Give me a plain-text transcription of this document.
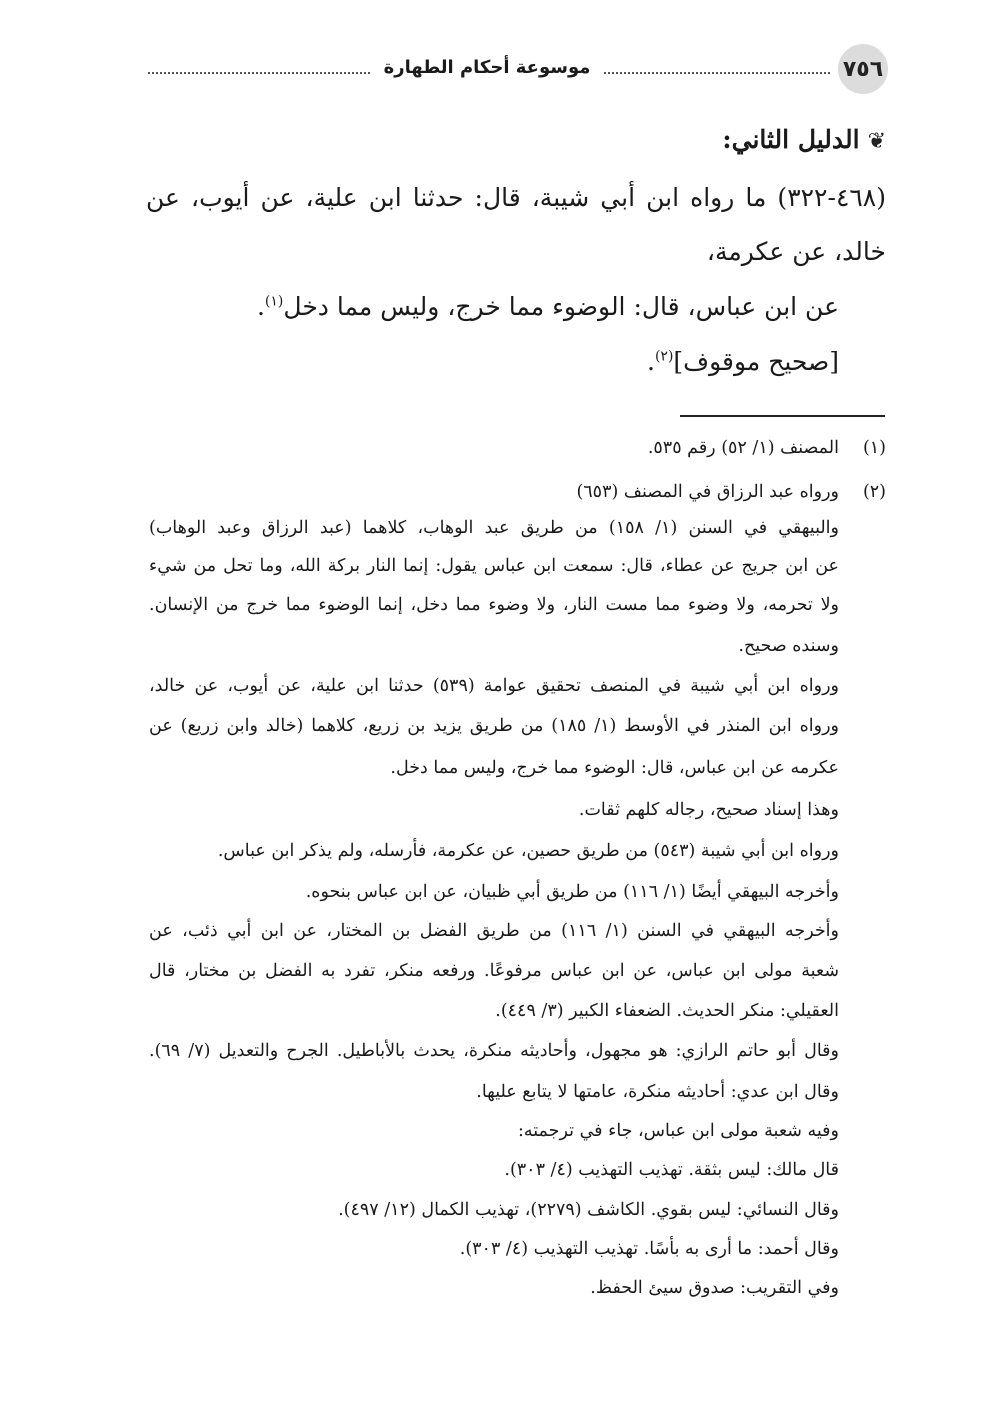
موسوعة أحكام الطهارة	٧٥٦
❦ الدليل الثاني:
(٤٦٨-٣٢٢) ما رواه ابن أبي شيبة، قال: حدثنا ابن علية، عن أيوب، عن
خالد، عن عكرمة،
عن ابن عباس، قال: الوضوء مما خرج، وليس مما دخل$^{(١)}$.
[صحيح موقوف]$^{(٢)}$.
(١)
المصنف (١/ ٥٢) رقم ٥٣٥.
(٢)
ورواه عبد الرزاق في المصنف (٦٥٣)
والبيهقي في السنن (١/ ١٥٨) من طريق عبد الوهاب، كلاهما (عبد الرزاق وعبد الوهاب)
عن ابن جريج عن عطاء، قال: سمعت ابن عباس يقول: إنما النار بركة الله، وما تحل من شيء
ولا تحرمه، ولا وضوء مما مست النار، ولا وضوء مما دخل، إنما الوضوء مما خرج من الإنسان.
وسنده صحيح.
ورواه ابن أبي شيبة في المنصف تحقيق عوامة (٥٣٩) حدثنا ابن علية، عن أيوب، عن خالد،
ورواه ابن المنذر في الأوسط (١/ ١٨٥) من طريق يزيد بن زريع، كلاهما (خالد وابن زريع) عن
عكرمه عن ابن عباس، قال: الوضوء مما خرج، وليس مما دخل.
وهذا إسناد صحيح، رجاله كلهم ثقات.
ورواه ابن أبي شيبة (٥٤٣) من طريق حصين، عن عكرمة، فأرسله، ولم يذكر ابن عباس.
وأخرجه البيهقي أيضًا (١/ ١١٦) من طريق أبي ظبيان، عن ابن عباس بنحوه.
وأخرجه البيهقي في السنن (١/ ١١٦) من طريق الفضل بن المختار، عن ابن أبي ذئب، عن
شعبة مولى ابن عباس، عن ابن عباس مرفوعًا. ورفعه منكر، تفرد به الفضل بن مختار، قال
العقيلي: منكر الحديث. الضعفاء الكبير (٣/ ٤٤٩).
وقال أبو حاتم الرازي: هو مجهول، وأحاديثه منكرة، يحدث بالأباطيل. الجرح والتعديل (٧/ ٦٩).
وقال ابن عدي: أحاديثه منكرة، عامتها لا يتابع عليها.
وفيه شعبة مولى ابن عباس، جاء في ترجمته:
قال مالك: ليس بثقة. تهذيب التهذيب (٤/ ٣٠٣).
وقال النسائي: ليس بقوي. الكاشف (٢٢٧٩)، تهذيب الكمال (١٢/ ٤٩٧).
وقال أحمد: ما أرى به بأسًا. تهذيب التهذيب (٤/ ٣٠٣).
وفي التقريب: صدوق سيئ الحفظ.
